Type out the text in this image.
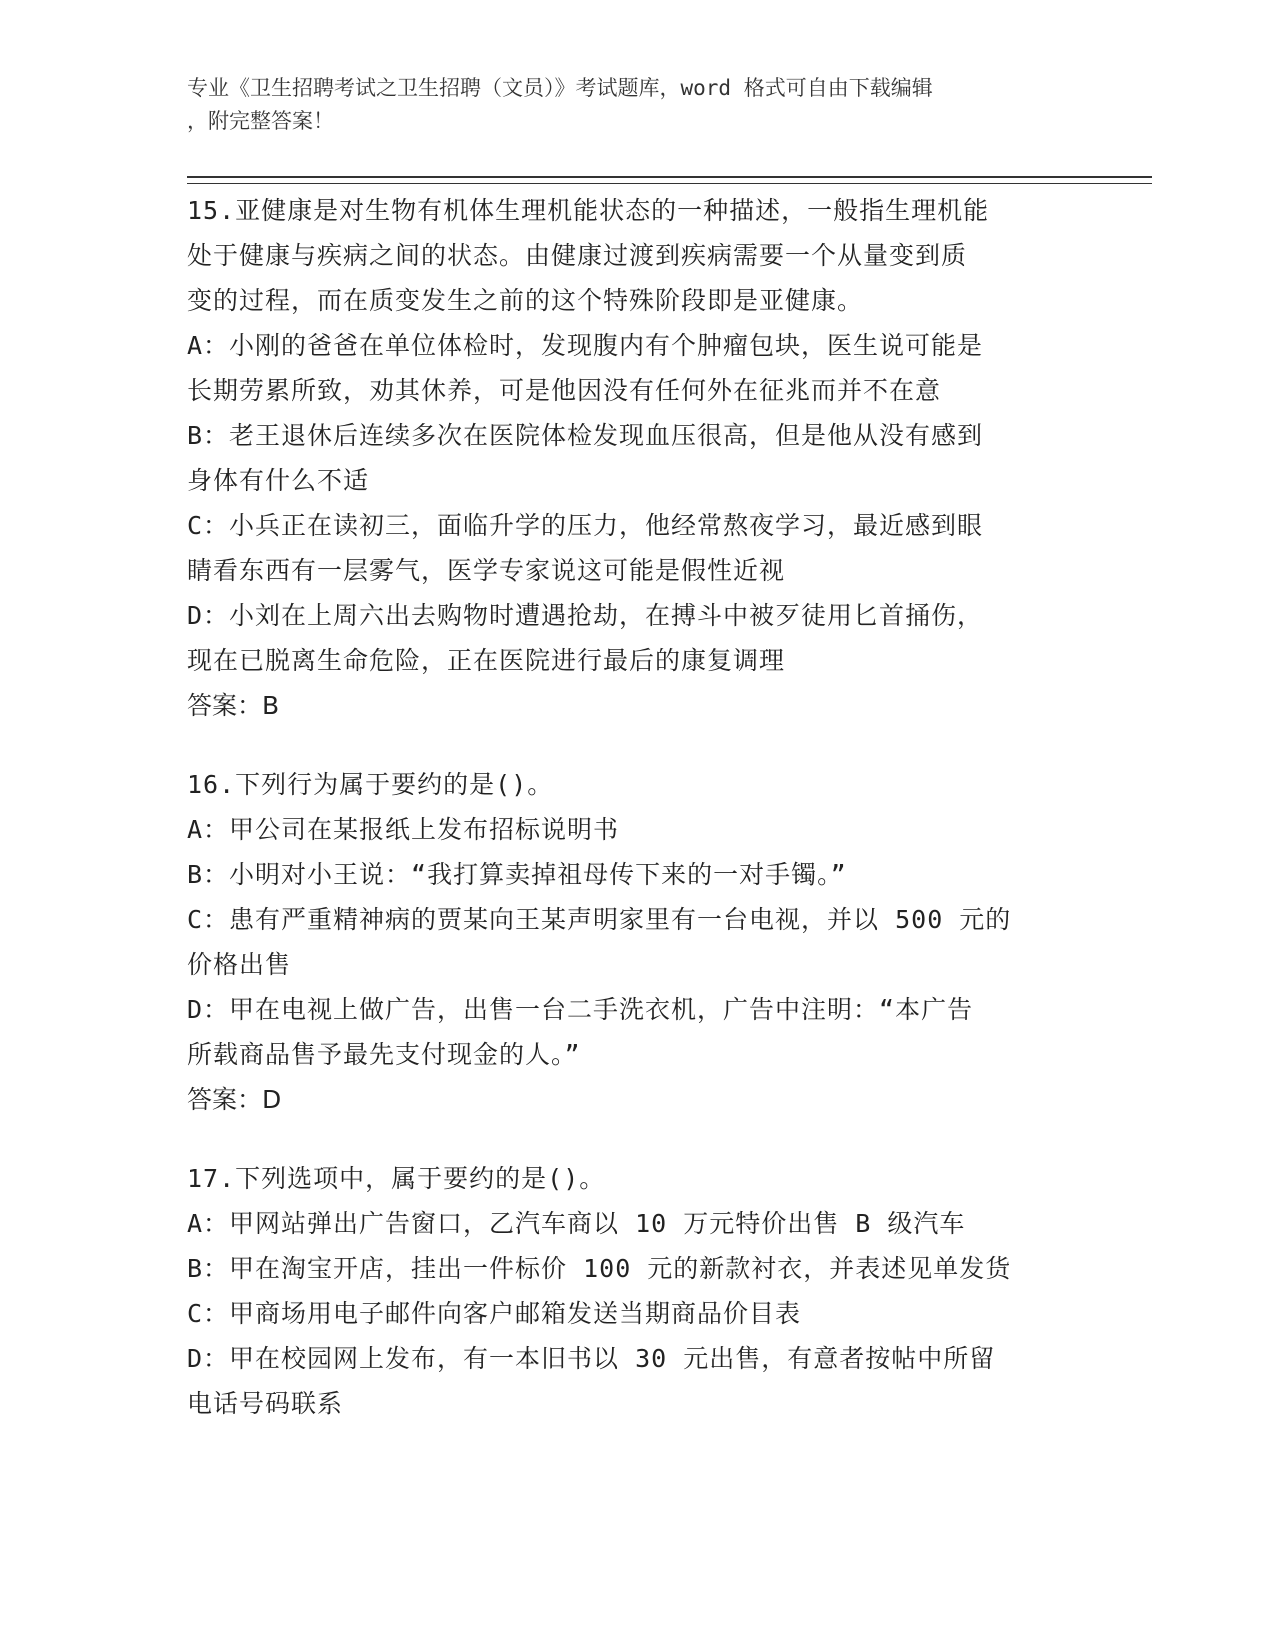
专业《卫生招聘考试之卫生招聘（文员）》考试题库，word 格式可自由下载编辑
，附完整答案！
15.亚健康是对生物有机体生理机能状态的一种描述，一般指生理机能
处于健康与疾病之间的状态。由健康过渡到疾病需要一个从量变到质
变的过程，而在质变发生之前的这个特殊阶段即是亚健康。
A：小刚的爸爸在单位体检时，发现腹内有个肿瘤包块，医生说可能是
长期劳累所致，劝其休养，可是他因没有任何外在征兆而并不在意
B：老王退休后连续多次在医院体检发现血压很高，但是他从没有感到
身体有什么不适
C：小兵正在读初三，面临升学的压力，他经常熬夜学习，最近感到眼
睛看东西有一层雾气，医学专家说这可能是假性近视
D：小刘在上周六出去购物时遭遇抢劫，在搏斗中被歹徒用匕首捅伤，
现在已脱离生命危险，正在医院进行最后的康复调理
答案：B
16.下列行为属于要约的是()。
A：甲公司在某报纸上发布招标说明书
B：小明对小王说：“我打算卖掉祖母传下来的一对手镯。”
C：患有严重精神病的贾某向王某声明家里有一台电视，并以 500 元的
价格出售
D：甲在电视上做广告，出售一台二手洗衣机，广告中注明：“本广告
所载商品售予最先支付现金的人。”
答案：D
17.下列选项中，属于要约的是()。
A：甲网站弹出广告窗口，乙汽车商以 10 万元特价出售 B 级汽车
B：甲在淘宝开店，挂出一件标价 100 元的新款衬衣，并表述见单发货
C：甲商场用电子邮件向客户邮箱发送当期商品价目表
D：甲在校园网上发布，有一本旧书以 30 元出售，有意者按帖中所留
电话号码联系
